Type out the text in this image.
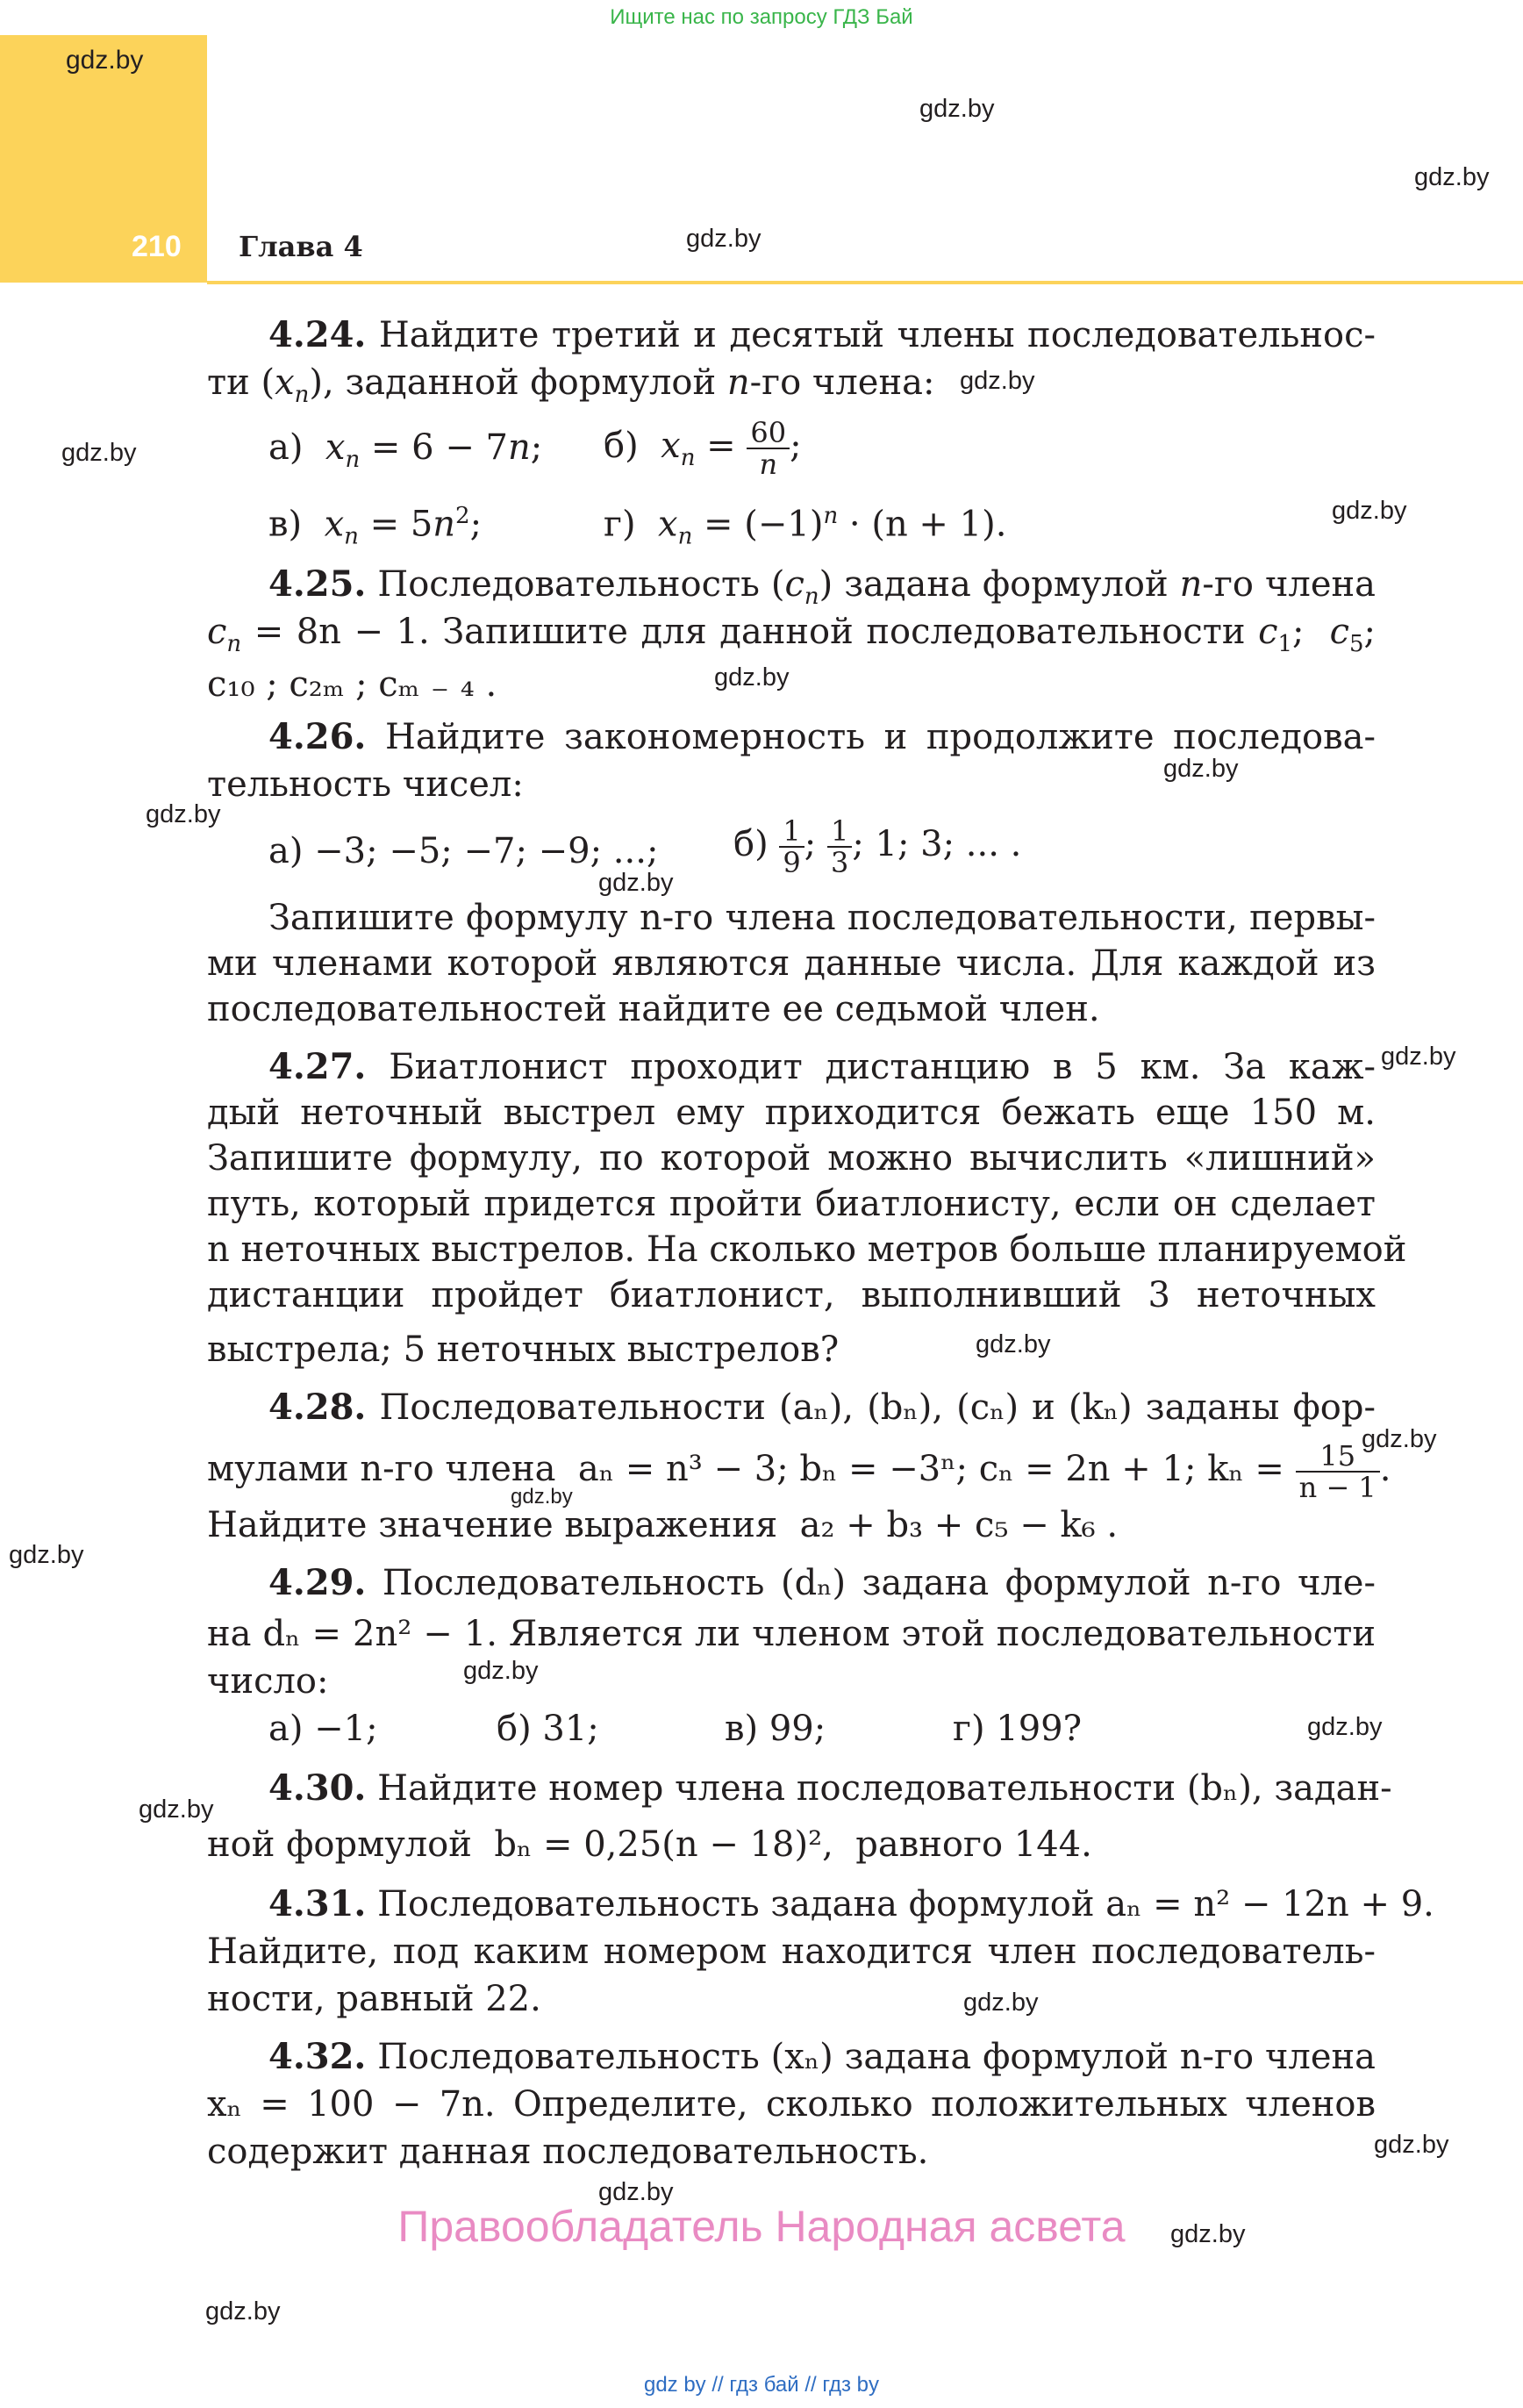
Ищите нас по запросу ГДЗ Бай
gdz.by
210 Глава 4
gdz.by
gdz.by
gdz.by
gdz.by
gdz.by
gdz.by
gdz.by
gdz.by
gdz.by
gdz.by
gdz.by
gdz.by
gdz.by
gdz.by
gdz.by
gdz.by
gdz.by
gdz.by
gdz.by
gdz.by
gdz.by
gdz.by
gdz.by
4.24. Найдите третий и десятый члены последовательнос-
ти $(x_n)$, заданной формулой n-го члена:
а) $x_n = 6 - 7n$; б) $x_n = \frac{60}{n}$ ;
в) $x_n = 5n^2$;	г) $x_n = (-1)^n \cdot (n + 1)$.
4.25. Последовательность $(c_n)$ задана формулой n-го члена
$c_n = 8n - 1$. Запишите для данной последовательности $c_1$;  $c_5$;
c₁₀ ; c₂ₘ ; cₘ ₋ ₄ .
4.26. Найдите закономерность и продолжите последова-
тельность чисел:
а) −3; −5; −7; −9; ...; $б) \frac{1}{9}$ ; $\frac{1}{3}$ ; 1; 3; ... .
Запишите формулу n-го члена последовательности, первы-
ми членами которой являются данные числа. Для каждой из
последовательностей найдите ее седьмой член.
4.27. Биатлонист проходит дистанцию в 5 км. За каж-
дый неточный выстрел ему приходится бежать еще 150 м.
Запишите формулу, по которой можно вычислить «лишний»
путь, который придется пройти биатлонисту, если он сделает
n неточных выстрелов. На сколько метров больше планируемой
дистанции пройдет биатлонист, выполнивший 3 неточных
выстрела; 5 неточных выстрелов?
4.28. Последовательности (aₙ), (bₙ), (cₙ) и (kₙ) заданы фор-
мулами n-го члена aₙ = n³ − 3; bₙ = −3ⁿ; cₙ = 2n + 1; $k_n = \frac{15}{n - 1}$ .
Найдите значение выражения a₂ + b₃ + c₅ − k₆ .
4.29. Последовательность (dₙ) задана формулой n-го чле-
на dₙ = 2n² − 1. Является ли членом этой последовательности
число:
а) −1;	б) 31;	в) 99;	г) 199?
4.30. Найдите номер члена последовательности (bₙ), задан-
ной формулой bₙ = 0,25(n − 18)², равного 144.
4.31. Последовательность задана формулой aₙ = n² − 12n + 9.
Найдите, под каким номером находится член последователь-
ности, равный 22.
4.32. Последовательность (xₙ) задана формулой n-го члена
xₙ = 100 − 7n. Определите, сколько положительных членов
содержит данная последовательность.
Правообладатель Народная асвета
gdz by // гдз бай // гдз by
